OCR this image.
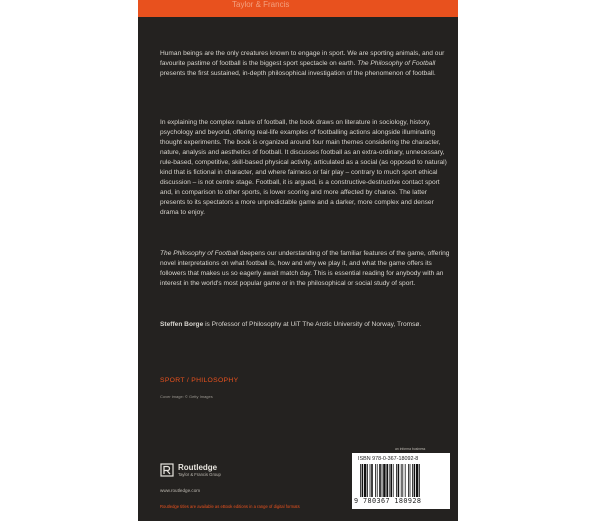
Taylor & Francis

Human beings are the only creatures known to engage in sport. We are sporting animals, and our favourite pastime of football is the biggest sport spectacle on earth. The Philosophy of Football presents the first sustained, in-depth philosophical investigation of the phenomenon of football.

In explaining the complex nature of football, the book draws on literature in sociology, history, psychology and beyond, offering real-life examples of footballing actions alongside illuminating thought experiments. The book is organized around four main themes considering the character, nature, analysis and aesthetics of football. It discusses football as an extra-ordinary, unnecessary, rule-based, competitive, skill-based physical activity, articulated as a social (as opposed to natural) kind that is fictional in character, and where fairness or fair play – contrary to much sport ethical discussion – is not centre stage. Football, it is argued, is a constructive-destructive contact sport and, in comparison to other sports, is lower scoring and more affected by chance. The latter presents to its spectators a more unpredictable game and a darker, more complex and denser drama to enjoy.

The Philosophy of Football deepens our understanding of the familiar features of the game, offering novel interpretations on what football is, how and why we play it, and what the game offers its followers that makes us so eagerly await match day. This is essential reading for anybody with an interest in the world's most popular game or in the philosophical or social study of sport.

Steffen Borge is Professor of Philosophy at UiT The Arctic University of Norway, Tromsø.

SPORT / PHILOSOPHY
Cover image: © Getty Images
an informa business
Routledge
Taylor & Francis Group
www.routledge.com
Routledge titles are available as eBook editions in a range of digital formats
ISBN 978-0-367-18092-8
9 780367 180928
